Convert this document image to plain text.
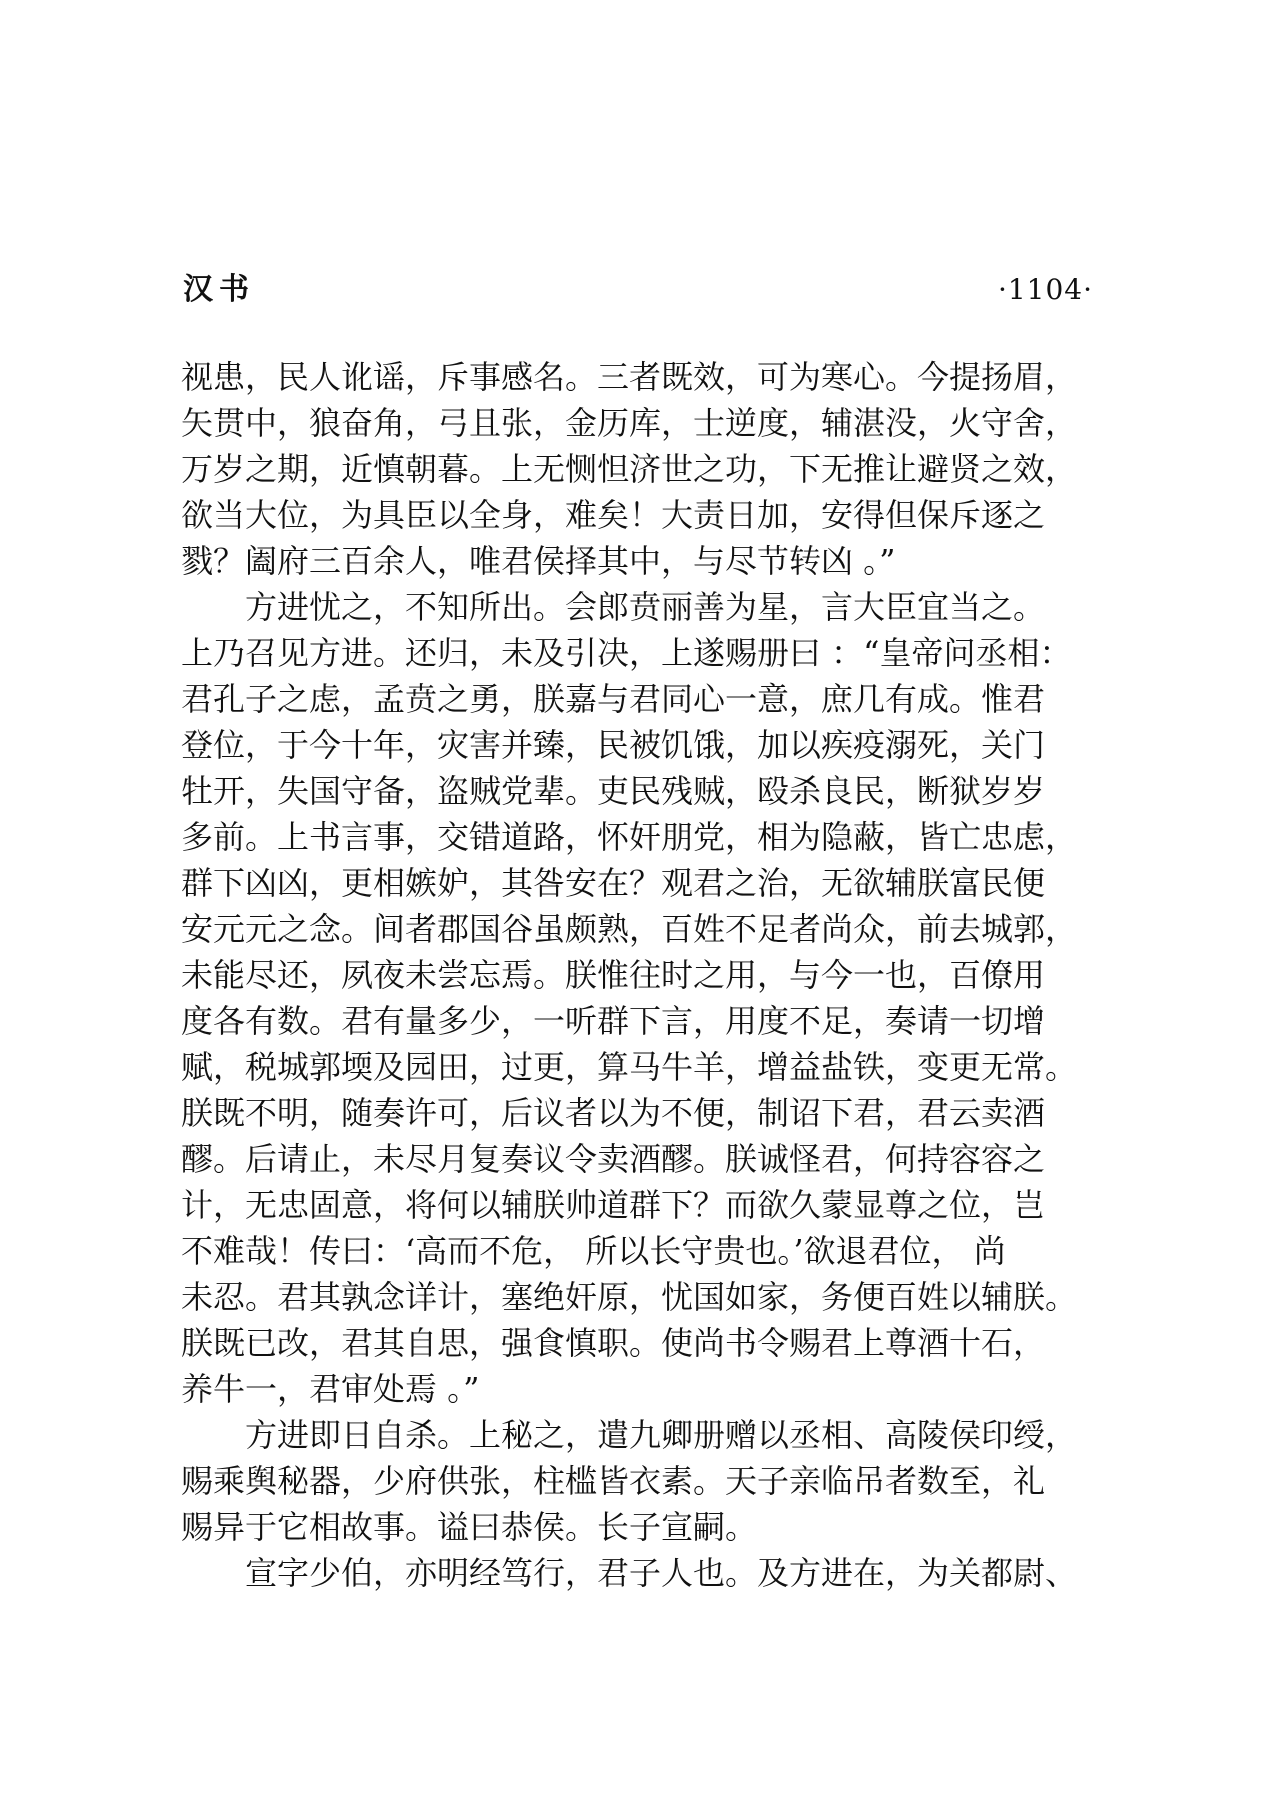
汉书	·1104·
视患，民人讹谣，斥事感名。三者既效，可为寒心。今提扬眉，
矢贯中，狼奋角，弓且张，金历库，士逆度，辅湛没，火守舍，
万岁之期，近慎朝暮。上无恻怛济世之功，下无推让避贤之效，
欲当大位，为具臣以全身，难矣！大责日加，安得但保斥逐之
戮？阖府三百余人，唯君侯择其中，与尽节转凶 。”
方进忧之，不知所出。会郎贲丽善为星，言大臣宜当之。
上乃召见方进。还归，未及引决，上遂赐册曰 ：“皇帝问丞相：
君孔子之虑，孟贲之勇，朕嘉与君同心一意，庶几有成。惟君
登位，于今十年，灾害并臻，民被饥饿，加以疾疫溺死，关门
牡开，失国守备，盗贼党辈。吏民残贼，殴杀良民，断狱岁岁
多前。上书言事，交错道路，怀奸朋党，相为隐蔽，皆亡忠虑，
群下凶凶，更相嫉妒，其咎安在？观君之治，无欲辅朕富民便
安元元之念。间者郡国谷虽颇熟，百姓不足者尚众，前去城郭，
未能尽还，夙夜未尝忘焉。朕惟往时之用，与今一也，百僚用
度各有数。君有量多少，一听群下言，用度不足，奏请一切增
赋，税城郭堧及园田，过更，算马牛羊，增益盐铁，变更无常。
朕既不明，随奏许可，后议者以为不便，制诏下君，君云卖酒
醪。后请止，未尽月复奏议令卖酒醪。朕诚怪君，何持容容之
计，无忠固意，将何以辅朕帅道群下？而欲久蒙显尊之位，岂
不难哉！传曰：‘高而不危， 所以长守贵也。’欲退君位， 尚
未忍。君其孰念详计，塞绝奸原，忧国如家，务便百姓以辅朕。
朕既已改，君其自思，强食慎职。使尚书令赐君上尊酒十石，
养牛一，君审处焉 。”
方进即日自杀。上秘之，遣九卿册赠以丞相、高陵侯印绶，
赐乘舆秘器，少府供张，柱槛皆衣素。天子亲临吊者数至，礼
赐异于它相故事。谥曰恭侯。长子宣嗣。
宣字少伯，亦明经笃行，君子人也。及方进在，为关都尉、
